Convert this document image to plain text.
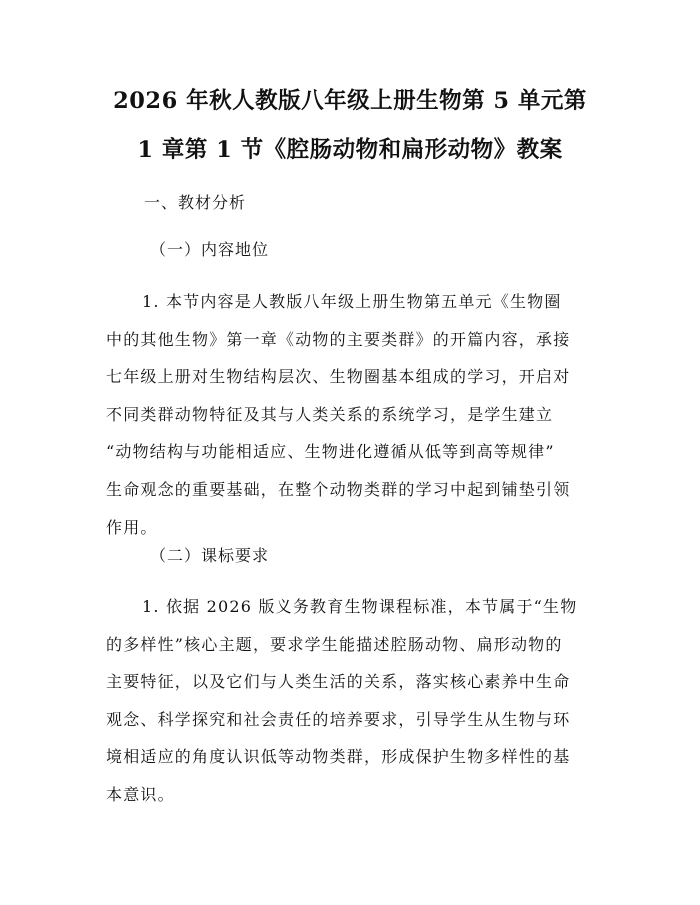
2026 年秋人教版八年级上册生物第 5 单元第
1 章第 1 节《腔肠动物和扁形动物》教案
一、教材分析
（一）内容地位
1. 本节内容是人教版八年级上册生物第五单元《生物圈
中的其他生物》第一章《动物的主要类群》的开篇内容，承接
七年级上册对生物结构层次、生物圈基本组成的学习，开启对
不同类群动物特征及其与人类关系的系统学习，是学生建立
“动物结构与功能相适应、生物进化遵循从低等到高等规律”
生命观念的重要基础，在整个动物类群的学习中起到铺垫引领
作用。
（二）课标要求
1. 依据 2026 版义务教育生物课程标准，本节属于“生物
的多样性”核心主题，要求学生能描述腔肠动物、扁形动物的
主要特征，以及它们与人类生活的关系，落实核心素养中生命
观念、科学探究和社会责任的培养要求，引导学生从生物与环
境相适应的角度认识低等动物类群，形成保护生物多样性的基
本意识。
